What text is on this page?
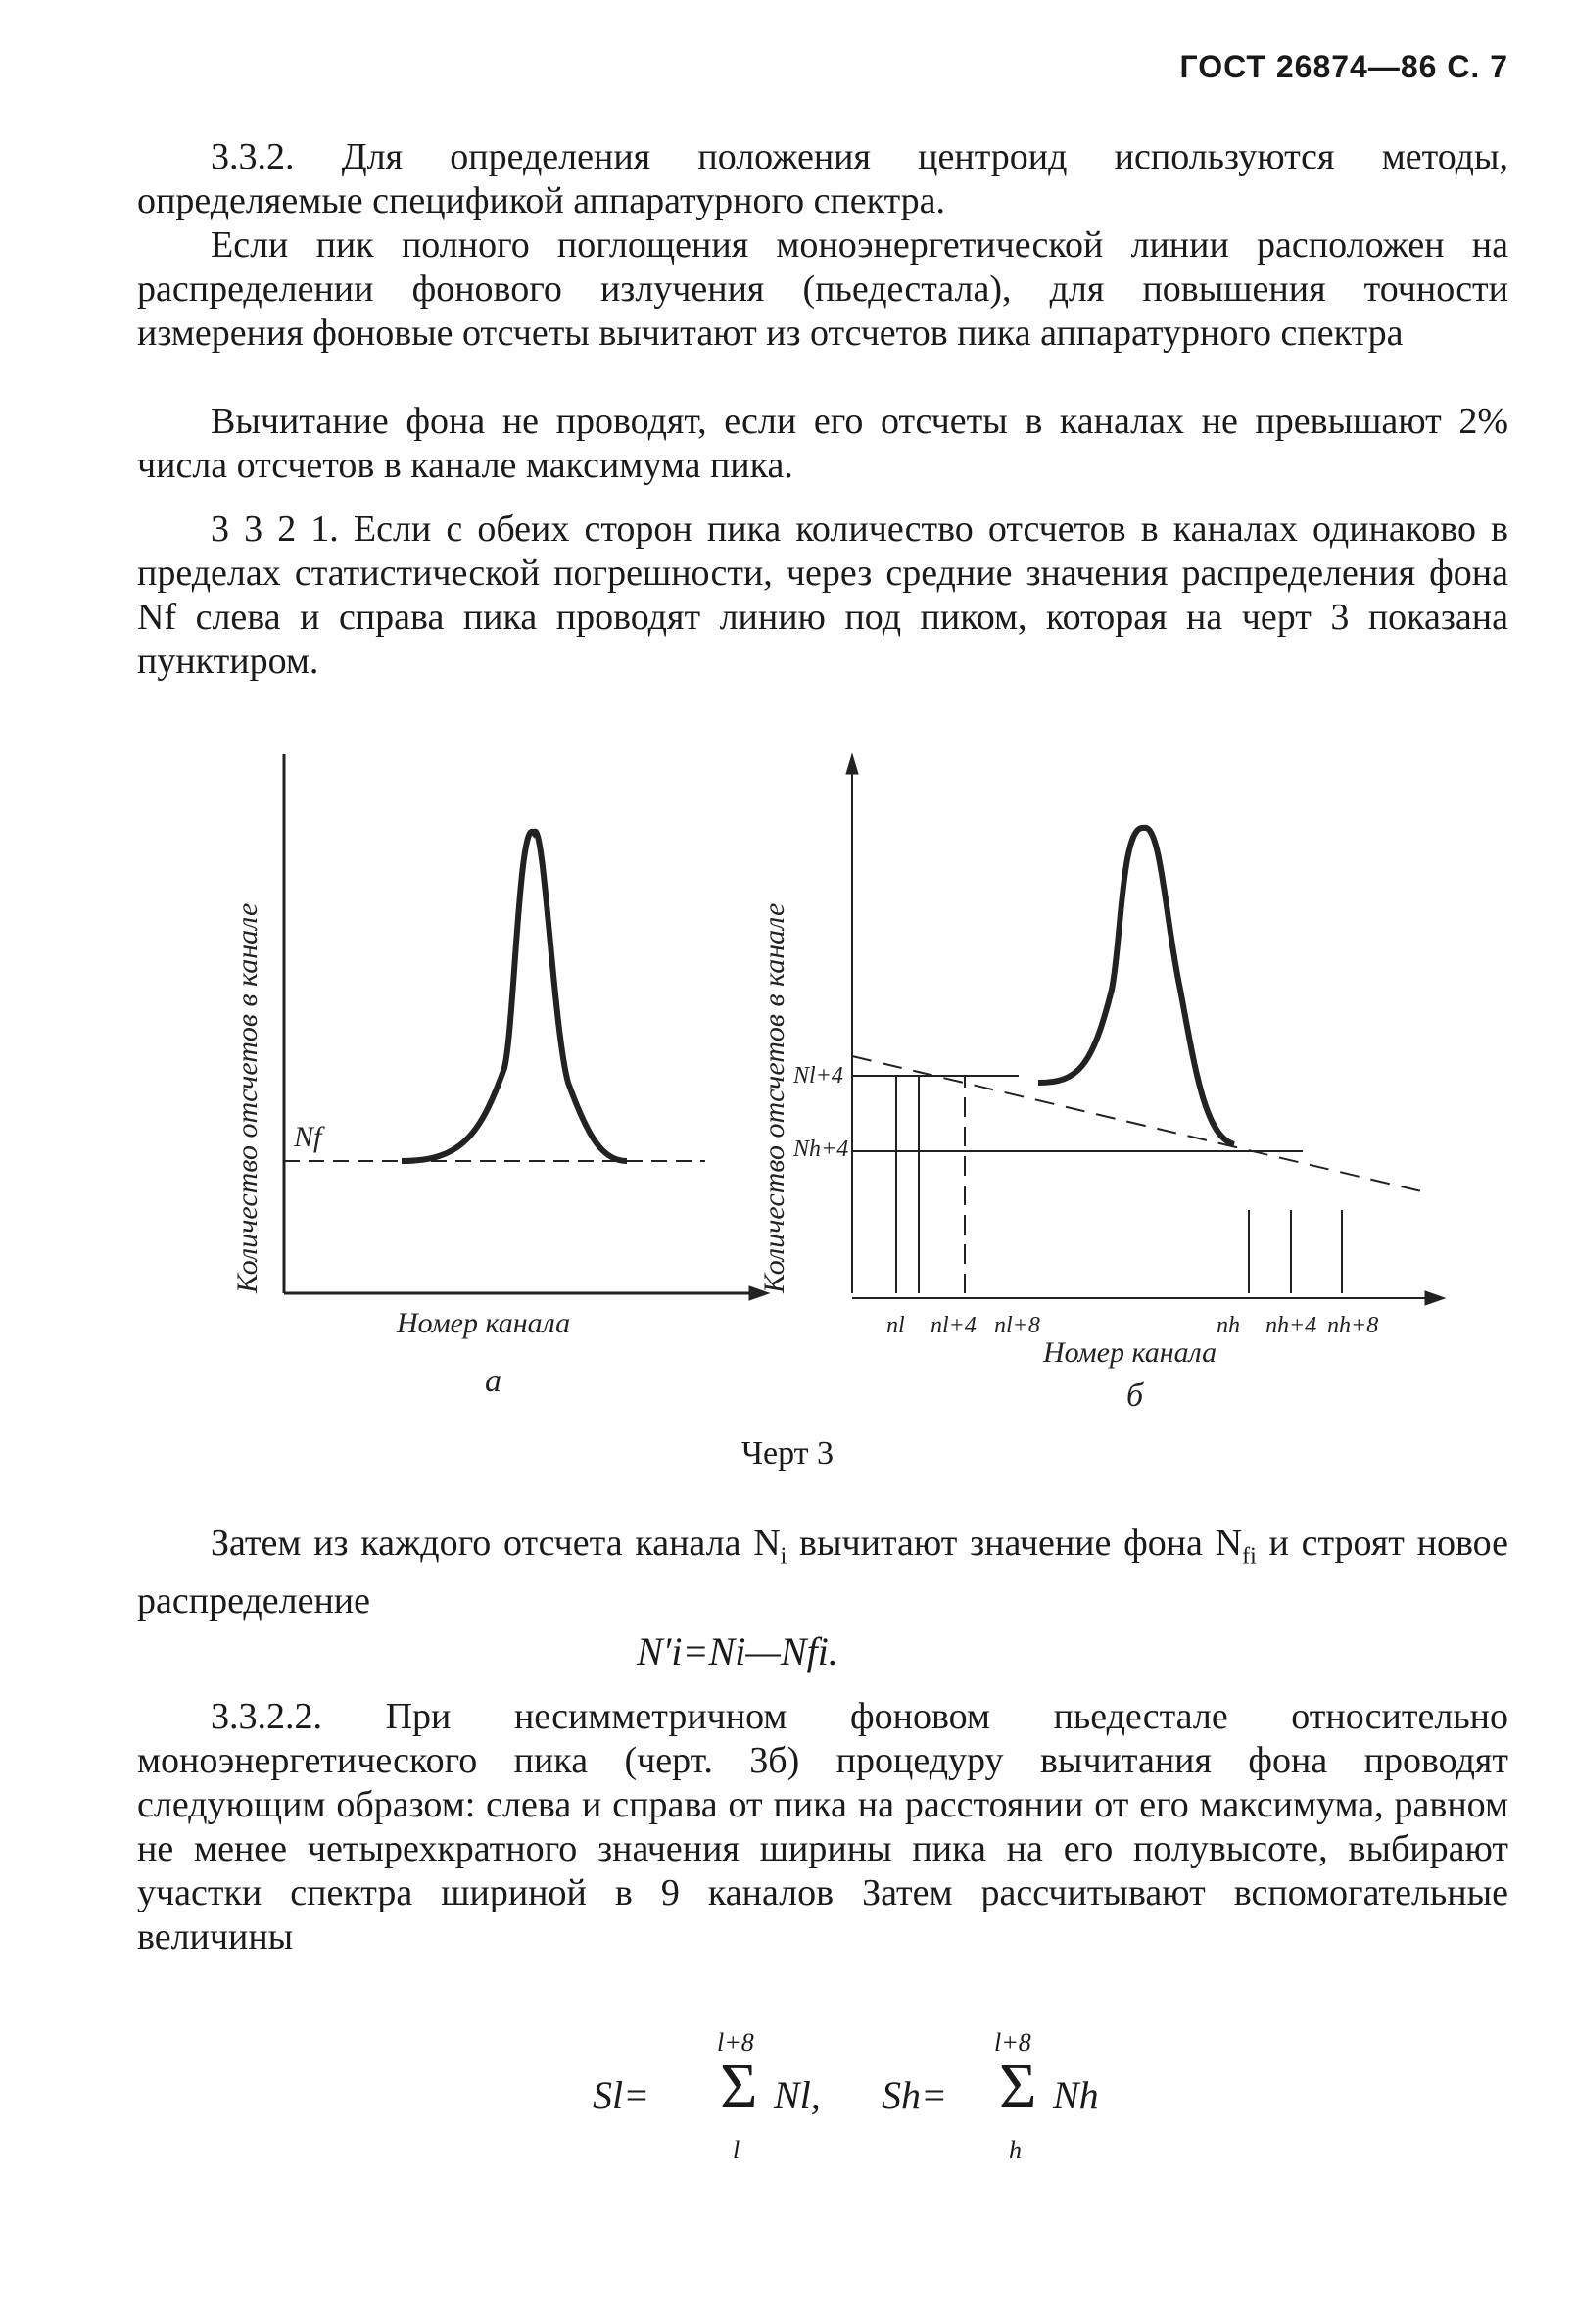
ГОСТ 26874—86 С. 7
3.3.2. Для определения положения центроид используются методы, определяемые спецификой аппаратурного спектра.
Если пик полного поглощения моноэнергетической линии расположен на распределении фонового излучения (пьедестала), для повышения точности измерения фоновые отсчеты вычитают из отсчетов пика аппаратурного спектра
Вычитание фона не проводят, если его отсчеты в каналах не превышают 2% числа отсчетов в канале максимума пика.
3 3 2 1. Если с обеих сторон пика количество отсчетов в каналах одинаково в пределах статистической погрешности, через средние значения распределения фона Nf слева и справа пика проводят линию под пиком, которая на черт 3 показана пунктиром.
Количество отсчетов в канале Nf
Номер канала
а
Количество отсчетов в канале Nl+4
Nh+4
nl nl+4 nl+8	nh nh+4 nh+8
Номер канала
б
Черт 3
Затем из каждого отсчета канала $N_i$ вычитают значение фона $N_{fi}$ и строят новое распределение
N′i=Ni—Nfi.
3.3.2.2. При несимметричном фоновом пьедестале относительно моноэнергетического пика (черт. 3б) процедуру вычитания фона проводят следующим образом: слева и справа от пика на расстоянии от его максимума, равном не менее четырехкратного значения ширины пика на его полувысоте, выбирают участки спектра шириной в 9 каналов Затем рассчитывают вспомогательные величины
Sl=
l+8
Σ
l
Nl, Sh=
l+8
Σ
h
Nh
